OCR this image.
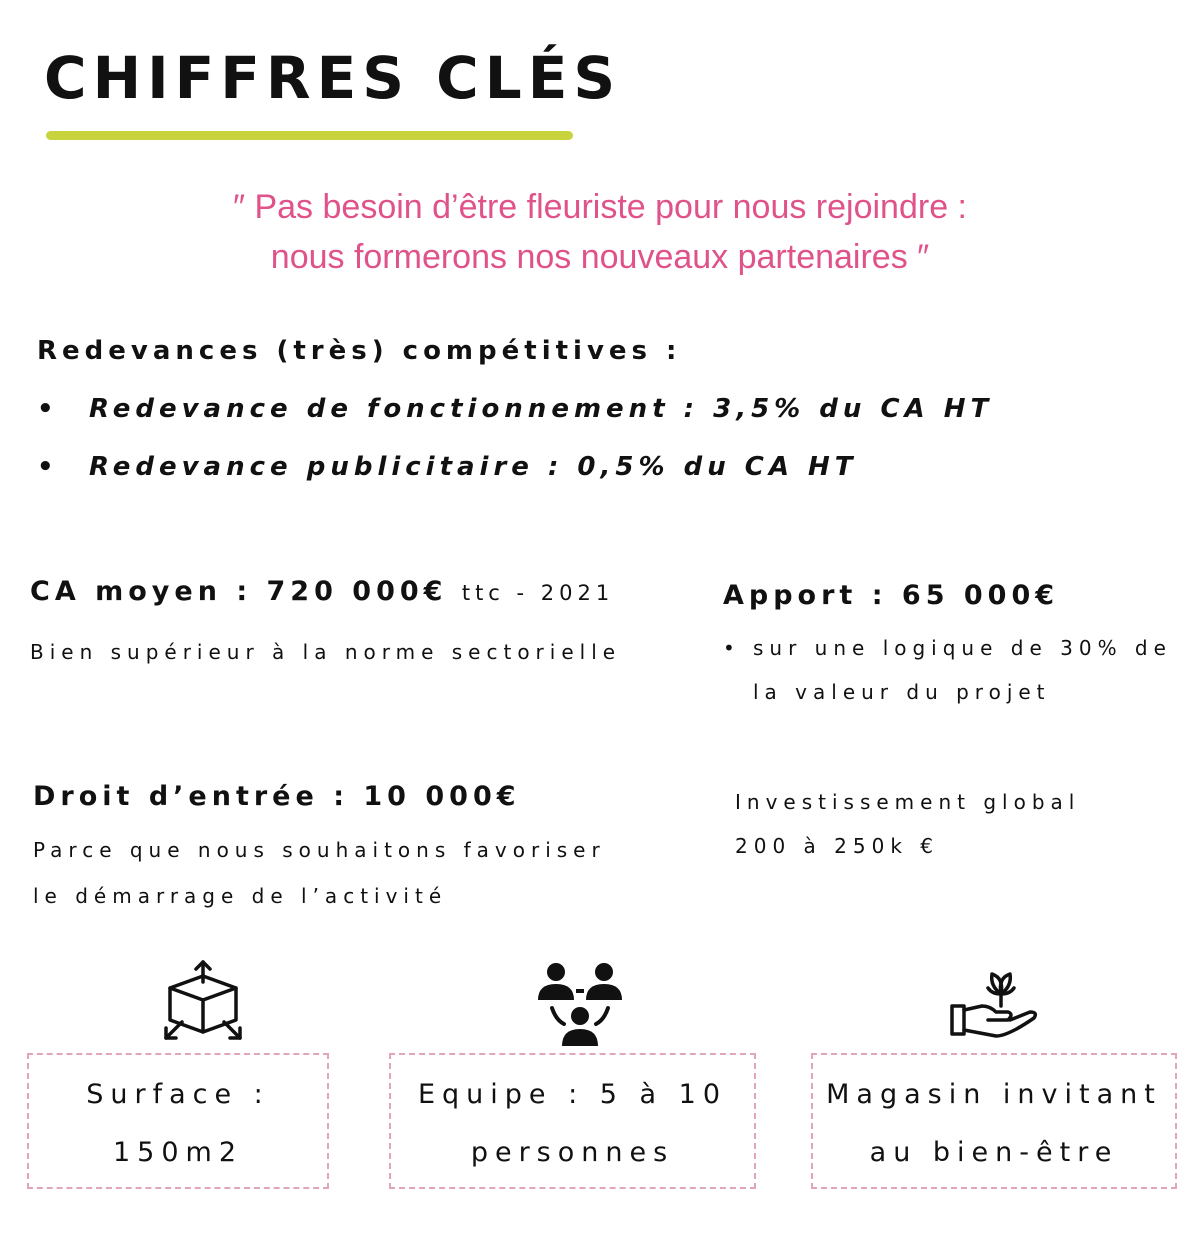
CHIFFRES CLÉS
″ Pas besoin d’être fleuriste pour nous rejoindre :
nous formerons nos nouveaux partenaires ″
Redevances (très) compétitives :
• Redevance de fonctionnement : 3,5% du CA HT
• Redevance publicitaire : 0,5% du CA HT
CA moyen : 720 000€ ttc - 2021
Bien supérieur à la norme sectorielle
Apport : 65 000€
• sur une logique de 30% de
la valeur du projet
Droit d’entrée : 10 000€
Parce que nous souhaitons favoriser
le démarrage de l’activité
Investissement global
200 à 250k €
Surface :
150m2
Equipe : 5 à 10
personnes
Magasin invitant
au bien-être
